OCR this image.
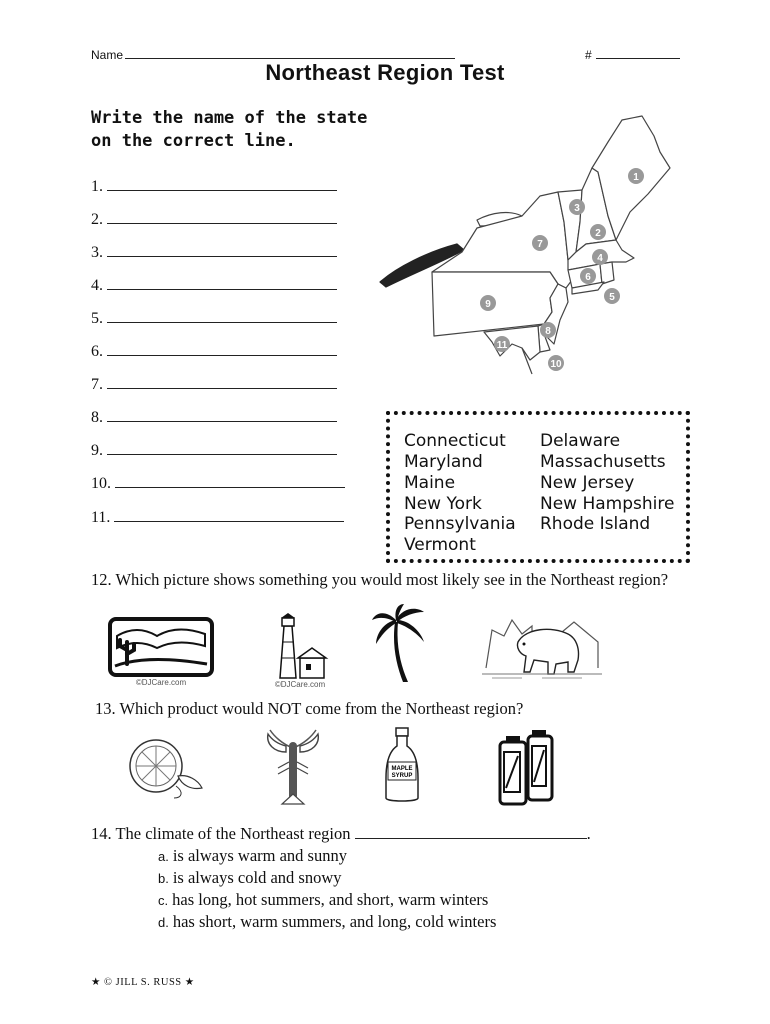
Name	#
Northeast Region Test
Write the name of the state on the correct line.
1.
2.
3.
4.
5.
6.
7.
8.
9.
10.
11.
1
2
3
4
5
6
7
8
9
10
11
Connecticut
Maryland
Maine
New York
Pennsylvania
Vermont
Delaware
Massachusetts
New Jersey
New Hampshire
Rhode Island
12. Which picture shows something you would most likely see in the Northeast region?
©DJCare.com	©DJCare.com
13. Which product would NOT come from the Northeast region?
MAPLE
SYRUP
14. The climate of the Northeast region	.
a. is always warm and sunny
b. is always cold and snowy
c. has long, hot summers, and short, warm winters
d. has short, warm summers, and long, cold winters
★ © JILL S. RUSS ★
